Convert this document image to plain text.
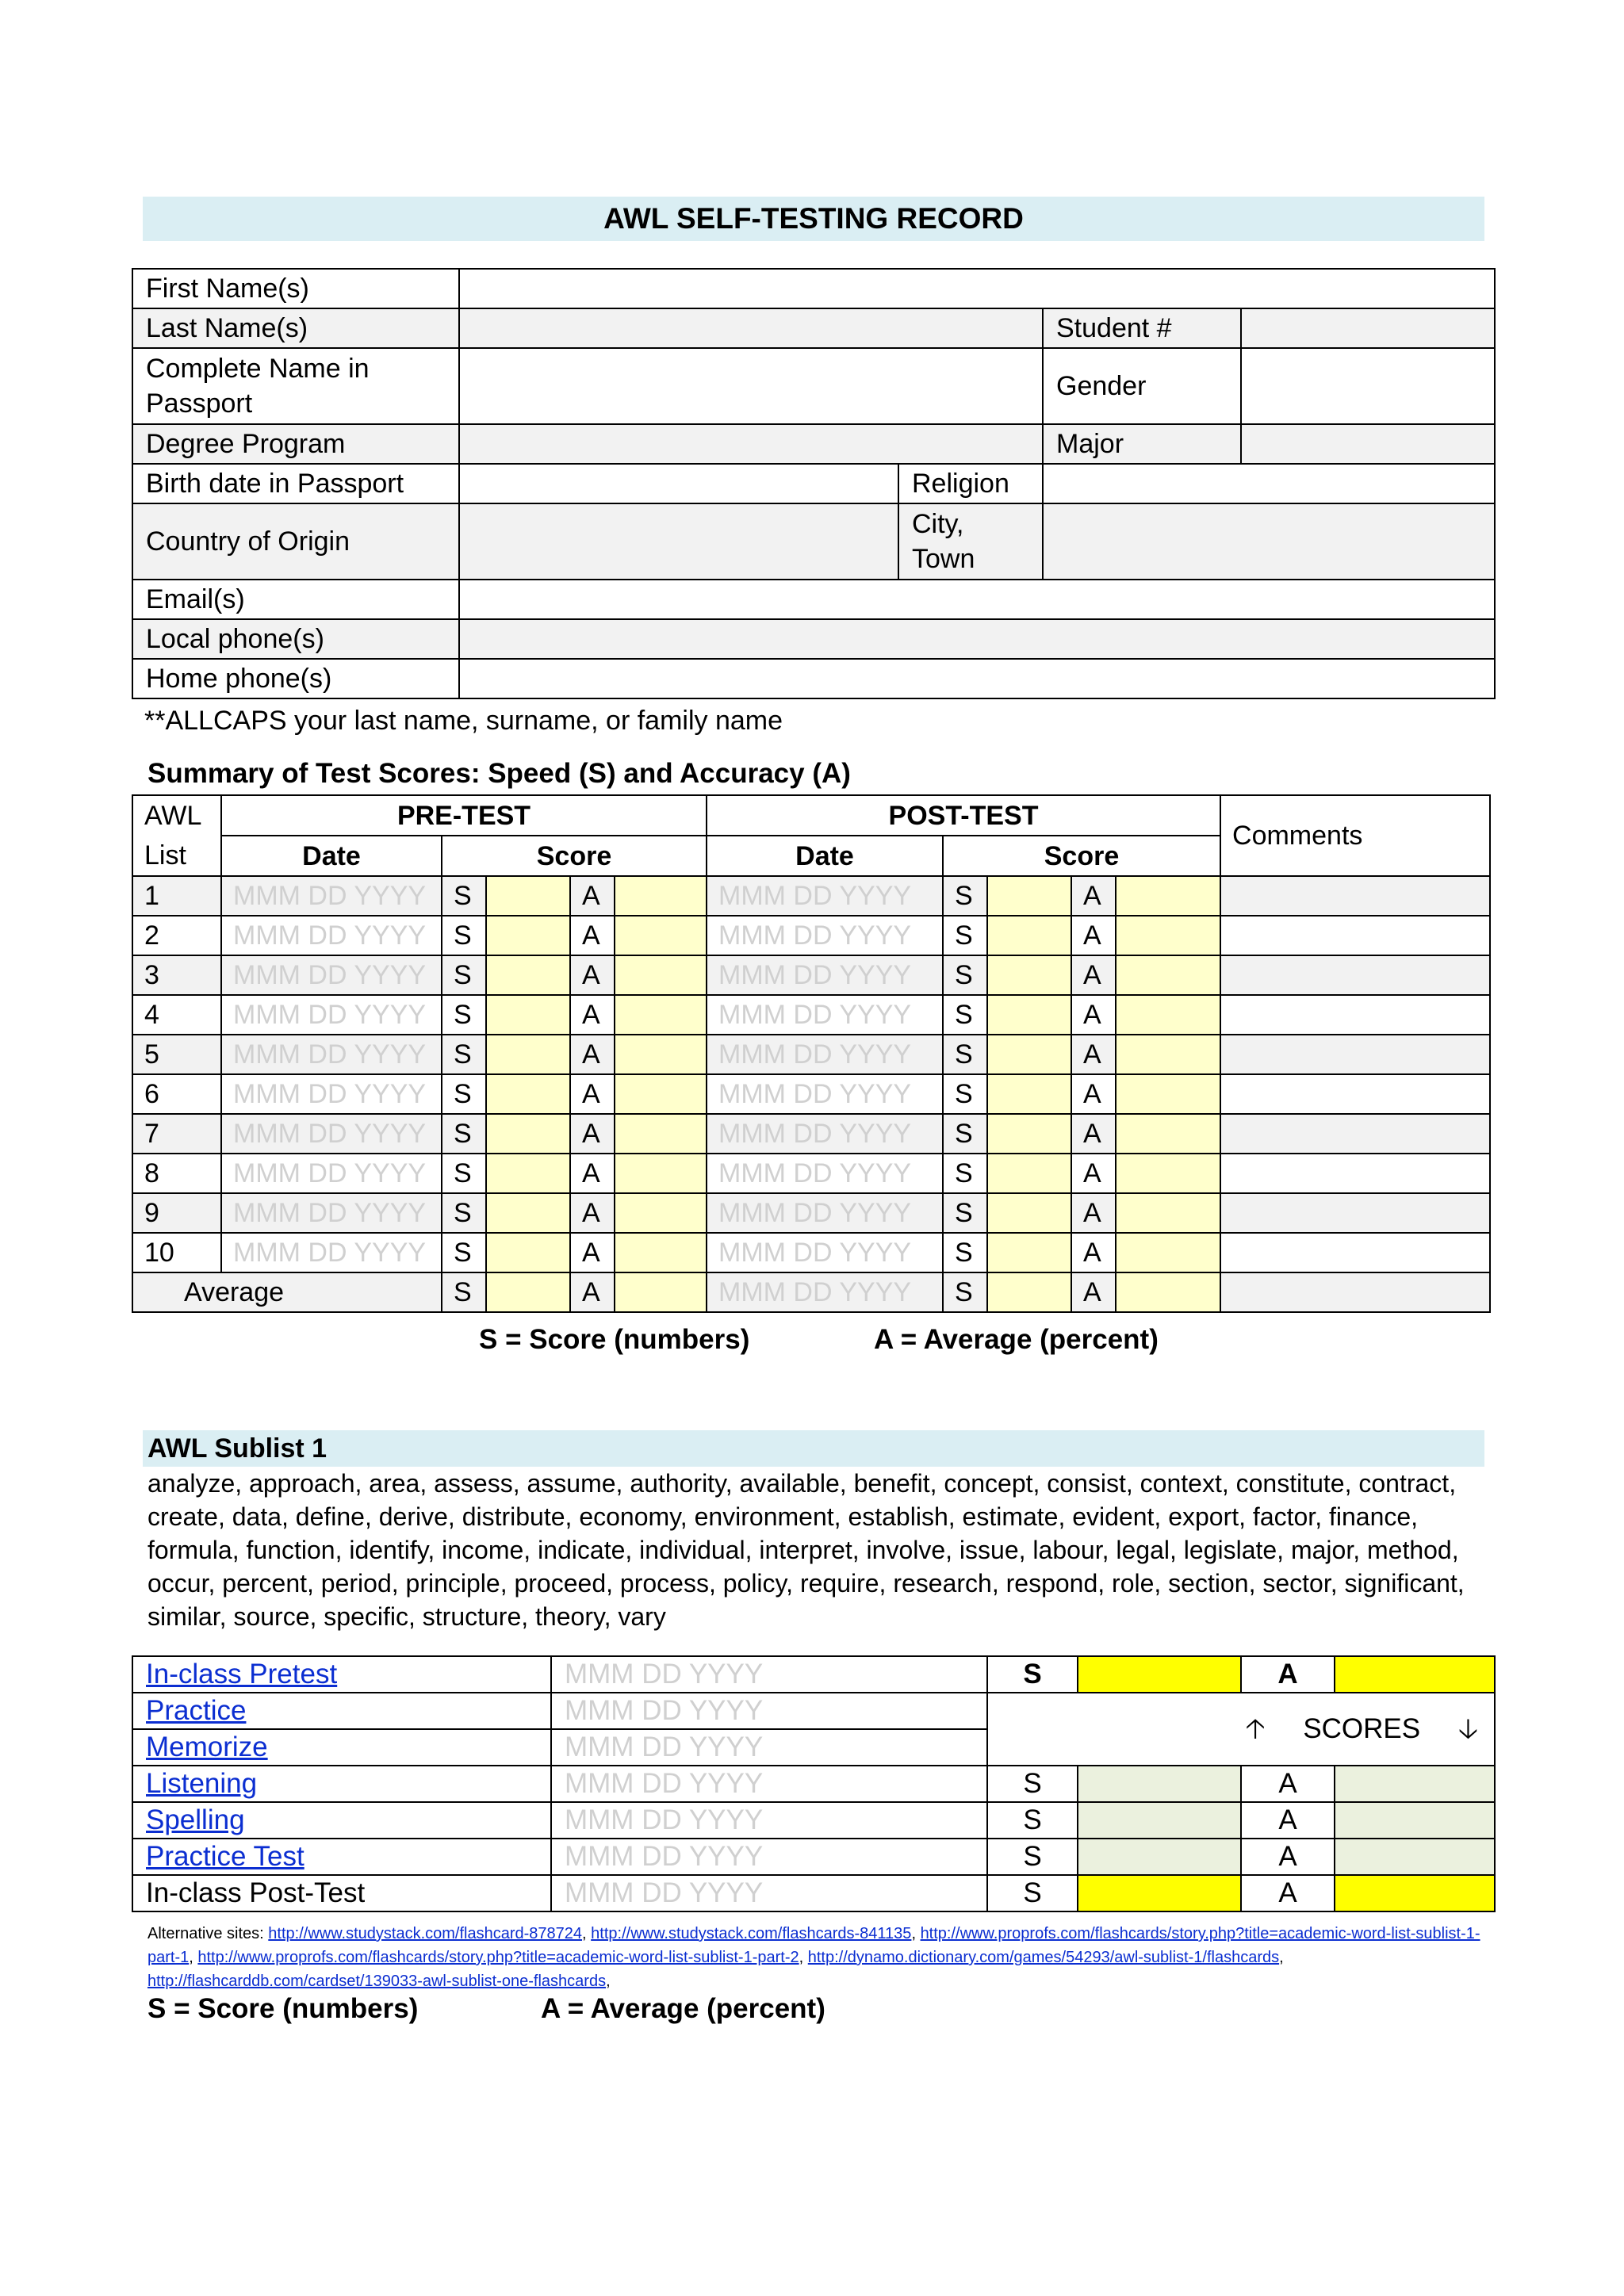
AWL SELF-TESTING RECORD
First Name(s)				
Last Name(s)			Student #	
Complete Name in Passport			Gender	
Degree Program			Major	
Birth date in Passport		Religion		
Country of Origin		City, Town		
Email(s)				
Local phone(s)				
Home phone(s)				
**ALLCAPS your last name, surname, or family name
Summary of Test Scores: Speed (S) and Accuracy (A)
AWL List	PRE-TEST					POST-TEST					Comments
	Date	Score				Date	Score				
1	MMM DD YYYY	S		A		MMM DD YYYY	S		A		
2	MMM DD YYYY	S		A		MMM DD YYYY	S		A		
3	MMM DD YYYY	S		A		MMM DD YYYY	S		A		
4	MMM DD YYYY	S		A		MMM DD YYYY	S		A		
5	MMM DD YYYY	S		A		MMM DD YYYY	S		A		
6	MMM DD YYYY	S		A		MMM DD YYYY	S		A		
7	MMM DD YYYY	S		A		MMM DD YYYY	S		A		
8	MMM DD YYYY	S		A		MMM DD YYYY	S		A		
9	MMM DD YYYY	S		A		MMM DD YYYY	S		A		
10	MMM DD YYYY	S		A		MMM DD YYYY	S		A		
Average		S		A		MMM DD YYYY	S		A		
S = Score (numbers)	A = Average (percent)
AWL Sublist 1
analyze, approach, area, assess, assume, authority, available, benefit, concept, consist, context, constitute, contract, create, data, define, derive, distribute, economy, environment, establish, estimate, evident, export, factor, finance, formula, function, identify, income, indicate, individual, interpret, involve, issue, labour, legal, legislate, major, method, occur, percent, period, principle, proceed, process, policy, require, research, respond, role, section, sector, significant, similar, source, specific, structure, theory, vary
In-class Pretest	MMM DD YYYY	S		A	
Practice	MMM DD YYYY	🡡 SCORES 🡣			
Memorize	MMM DD YYYY				
Listening	MMM DD YYYY	S		A	
Spelling	MMM DD YYYY	S		A	
Practice Test	MMM DD YYYY	S		A	
In-class Post-Test	MMM DD YYYY	S		A	
Alternative sites: http://www.studystack.com/flashcard-878724, http://www.studystack.com/flashcards-841135, http://www.proprofs.com/flashcards/story.php?title=academic-word-list-sublist-1-part-1, http://www.proprofs.com/flashcards/story.php?title=academic-word-list-sublist-1-part-2, http://dynamo.dictionary.com/games/54293/awl-sublist-1/flashcards, http://flashcarddb.com/cardset/139033-awl-sublist-one-flashcards,
S = Score (numbers)	A = Average (percent)
